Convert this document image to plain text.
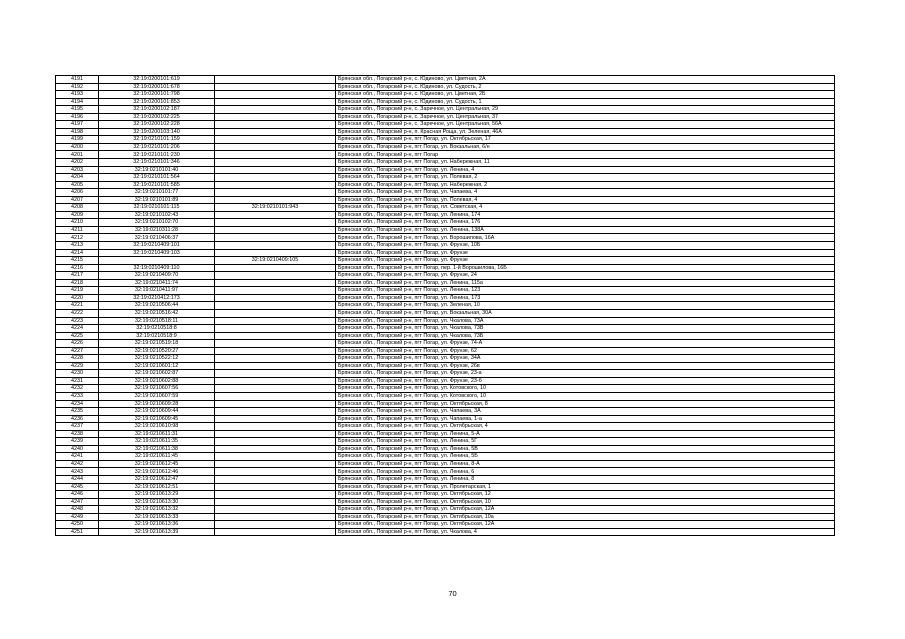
4191	32:19:0200101:619		Брянская обл., Погарский р-н, с. Юдиново, ул. Цветная, 2А
4192	32:19:0200101:678		Брянская обл., Погарский р-н, с. Юдиново, ул. Судость, 2
4193	32:19:0200101:798		Брянская обл., Погарский р-н, с. Юдиново, ул. Цветная, 2Б
4194	32:19:0200101:853		Брянская обл., Погарский р-н, с. Юдиново, ул. Судость, 1
4195	32:19:0200102:187		Брянская обл., Погарский р-н, с. Заречное, ул. Центральная, 29
4196	32:19:0200102:225		Брянская обл., Погарский р-н, с. Заречное, ул. Центральная, 37
4197	32:19:0200102:228		Брянская обл., Погарский р-н, с. Заречное, ул. Центральная, 56А
4198	32:19:0200103:140		Брянская обл., Погарский р-н, п. Красная Роща, ул. Зеленая, 46А
4199	32:19:0210101:159		Брянская обл., Погарский р-н, пгт Погар, ул. Октябрьская, 17
4200	32:19:0210101:206		Брянская обл., Погарский р-н, пгт Погар, ул. Вокзальная, 6/н
4201	32:19:0210101:230		Брянская обл., Погарский р-н, пгт Погар
4202	32:19:0210101:346		Брянская обл., Погарский р-н, пгт Погар, ул. Набережная, 11
4203	32:19:0210101:40		Брянская обл., Погарский р-н, пгт Погар, ул. Ленина, 4
4204	32:19:0210101:564		Брянская обл., Погарский р-н, пгт Погар, ул. Полевая, 2
4205	32:19:0210101:585		Брянская обл., Погарский р-н, пгт Погар, ул. Набережная, 2
4206	32:19:0210101:77		Брянская обл., Погарский р-н, пгт Погар, ул. Чапаева, 4
4207	32:19:0210101:89		Брянская обл., Погарский р-н, пгт Погар, ул. Полевая, 4
4208	32:19:0210101:115	32:19:0210101:943	Брянская обл., Погарский р-н, пгт Погар, пл. Советская, 4
4209	32:19:0210102:43		Брянская обл., Погарский р-н, пгт Погар, ул. Ленина, 174
4210	32:19:0210102:70		Брянская обл., Погарский р-н, пгт Погар, ул. Ленина, 176
4211	32:19:0210311:28		Брянская обл., Погарский р-н, пгт Погар, ул. Ленина, 138А
4212	32:19:0210406:37		Брянская обл., Погарский р-н, пгт Погар, ул. Ворошилова, 16А
4213	32:19:0210409:101		Брянская обл., Погарский р-н, пгт Погар, ул. Фрунзе, 10Б
4214	32:19:0210409:103		Брянская обл., Погарский р-н, пгт Погар, ул. Фрунзе
4215		32:19:0210409:105	Брянская обл., Погарский р-н, пгт Погар, ул. Фрунзе
4216	32:19:0210409:110		Брянская обл., Погарский р-н, пгт Погар, пер. 1-й Ворошилова, 16Б
4217	32:19:0210409:70		Брянская обл., Погарский р-н, пгт Погар, ул. Фрунзе, 24
4218	32:19:0210411:74		Брянская обл., Погарский р-н, пгт Погар, ул. Ленина, 115а
4219	32:19:0210411:97		Брянская обл., Погарский р-н, пгт Погар, ул. Ленина, 123
4220	32:19:0210412:173		Брянская обл., Погарский р-н, пгт Погар, ул. Ленина, 173
4221	32:19:0210506:44		Брянская обл., Погарский р-н, пгт Погар, ул. Зеленая, 10
4222	32:19:0210516:42		Брянская обл., Погарский р-н, пгт Погар, ул. Вокзальная, 30А
4223	32:19:0210518:11		Брянская обл., Погарский р-н, пгт Погар, ул. Чкалова, 73А
4224	32:19:0210518:8		Брянская обл., Погарский р-н, пгт Погар, ул. Чкалова, 73В
4225	32:19:0210518:9		Брянская обл., Погарский р-н, пгт Погар, ул. Чкалова, 73Б
4226	32:19:0210519:18		Брянская обл., Погарский р-н, пгт Погар, ул. Фрунзе, 74-А
4227	32:19:0210520:27		Брянская обл., Погарский р-н, пгт Погар, ул. Фрунзе, 62
4228	32:19:0210522:12		Брянская обл., Погарский р-н, пгт Погар, ул. Фрунзе, 34А
4229	32:19:0210601:12		Брянская обл., Погарский р-н, пгт Погар, ул. Фрунзе, 26в
4230	32:19:0210602:87		Брянская обл., Погарский р-н, пгт Погар, ул. Фрунзе, 23-а
4231	32:19:0210602:88		Брянская обл., Погарский р-н, пгт Погар, ул. Фрунзе, 23-б
4232	32:19:0210607:56		Брянская обл., Погарский р-н, пгт Погар, ул. Котовского, 10
4233	32:19:0210607:59		Брянская обл., Погарский р-н, пгт Погар, ул. Котовского, 10
4234	32:19:0210609:28		Брянская обл., Погарский р-н, пгт Погар, ул. Октябрьская, 8
4235	32:19:0210609:44		Брянская обл., Погарский р-н, пгт Погар, ул. Чапаева, 3А
4236	32:19:0210609:45		Брянская обл., Погарский р-н, пгт Погар, ул. Чапаева, 1-а
4237	32:19:0210610:98		Брянская обл., Погарский р-н, пгт Погар, ул. Октябрьская, 4
4238	32:19:0210611:31		Брянская обл., Погарский р-н, пгт Погар, ул. Ленина, 5-А
4239	32:19:0210611:35		Брянская обл., Погарский р-н, пгт Погар, ул. Ленина, 5Г
4240	32:19:0210611:38		Брянская обл., Погарский р-н, пгт Погар, ул. Ленина, 5В
4241	32:19:0210611:45		Брянская обл., Погарский р-н, пгт Погар, ул. Ленина, 5Б
4242	32:19:0210612:45		Брянская обл., Погарский р-н, пгт Погар, ул. Ленина, 8-А
4243	32:19:0210612:46		Брянская обл., Погарский р-н, пгт Погар, ул. Ленина, 6
4244	32:19:0210612:47		Брянская обл., Погарский р-н, пгт Погар, ул. Ленина, 8
4245	32:19:0210612:51		Брянская обл., Погарский р-н, пгт Погар, ул. Пролетарская, 1
4246	32:19:0210613:29		Брянская обл., Погарский р-н, пгт Погар, ул. Октябрьская, 12
4247	32:19:0210613:30		Брянская обл., Погарский р-н, пгт Погар, ул. Октябрьская, 10
4248	32:19:0210613:32		Брянская обл., Погарский р-н, пгт Погар, ул. Октябрьская, 12А
4249	32:19:0210613:33		Брянская обл., Погарский р-н, пгт Погар, ул. Октябрьская, 10а
4250	32:19:0210613:36		Брянская обл., Погарский р-н, пгт Погар, ул. Октябрьская, 12А
4251	32:19:0210613:39		Брянская обл., Погарский р-н, пгт Погар, ул. Чкалова, 4
70
